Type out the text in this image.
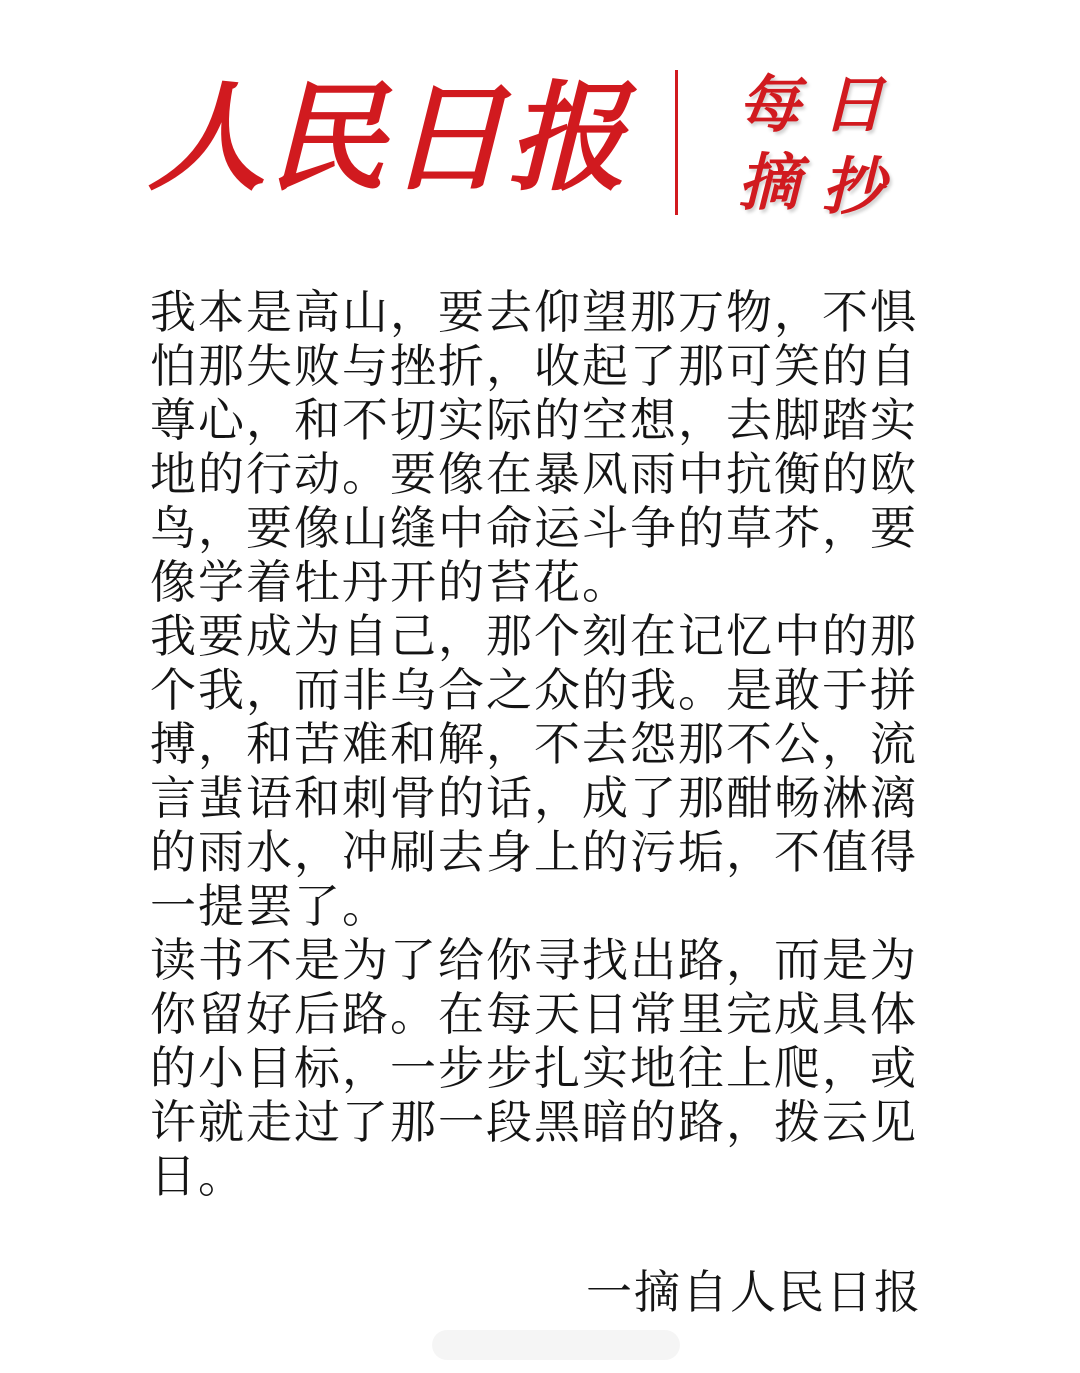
人民日报 每 日
摘 抄
我本是高山，要去仰望那万物，不惧
怕那失败与挫折，收起了那可笑的自
尊心，和不切实际的空想，去脚踏实
地的行动。要像在暴风雨中抗衡的欧
鸟，要像山缝中命运斗争的草芥，要
像学着牡丹开的苔花。
我要成为自己，那个刻在记忆中的那
个我，而非乌合之众的我。是敢于拼
搏，和苦难和解，不去怨那不公，流
言蜚语和刺骨的话，成了那酣畅淋漓
的雨水，冲刷去身上的污垢，不值得
一提罢了。
读书不是为了给你寻找出路，而是为
你留好后路。在每天日常里完成具体
的小目标，一步步扎实地往上爬，或
许就走过了那一段黑暗的路，拨云见
日。
一摘自人民日报
